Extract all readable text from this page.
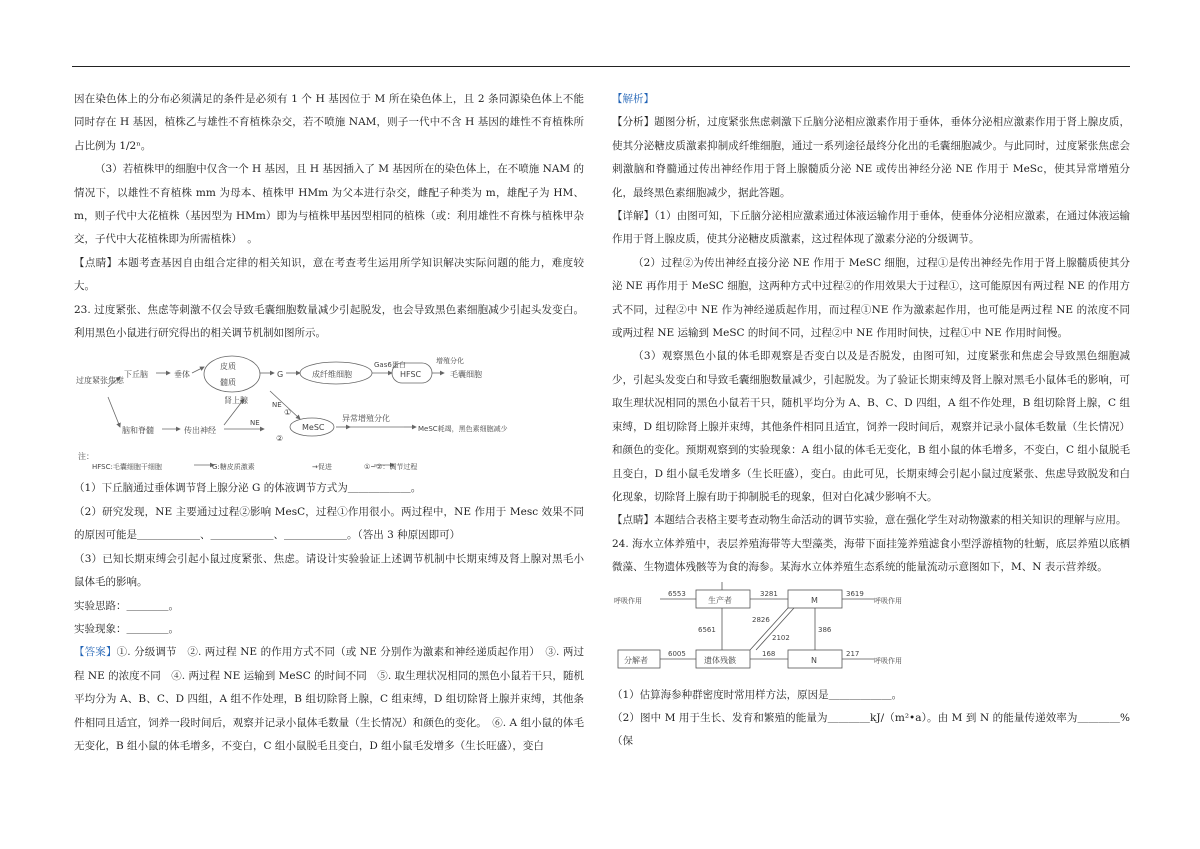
因在染色体上的分布必须满足的条件是必须有 1 个 H 基因位于 M 所在染色体上，且 2 条同源染色体上不能同时存在 H 基因，植株乙与雄性不育植株杂交，若不喷施 NAM，则子一代中不含 H 基因的雄性不育植株所占比例为 1/2ⁿ。

（3）若植株甲的细胞中仅含一个 H 基因，且 H 基因插入了 M 基因所在的染色体上，在不喷施 NAM 的情况下，以雄性不育植株 mm 为母本、植株甲 HMm 为父本进行杂交，雌配子种类为 m，雄配子为 HM、m，则子代中大花植株（基因型为 HMm）即为与植株甲基因型相同的植株（或：利用雄性不育株与植株甲杂交，子代中大花植株即为所需植株）　。

【点睛】本题考查基因自由组合定律的相关知识，意在考查考生运用所学知识解决实际问题的能力，难度较大。

23. 过度紧张、焦虑等刺激不仅会导致毛囊细胞数量减少引起脱发，也会导致黑色素细胞减少引起头发变白。利用黑色小鼠进行研究得出的相关调节机制如图所示。

过度紧张焦虑
下丘脑	垂体
皮质
髓质
肾上腺
G	成纤维细胞
Gas6蛋白
HFSC
增殖分化
毛囊细胞
脑和脊髓	传出神经
NE
NE
①
②
MeSC
异常增殖分化
MeSC耗竭，黑色素细胞减少
注：
HFSC:毛囊细胞干细胞	G:糖皮质激素	→促进	①~②：调节过程

（1）下丘脑通过垂体调节肾上腺分泌 G 的体液调节方式为＿＿＿＿＿＿。

（2）研究发现，NE 主要通过过程②影响 MesC，过程①作用很小。两过程中，NE 作用于 Mesc 效果不同的原因可能是＿＿＿＿＿＿、＿＿＿＿＿＿、＿＿＿＿＿＿。（答出 3 种原因即可）

（3）已知长期束缚会引起小鼠过度紧张、焦虑。请设计实验验证上述调节机制中长期束缚及肾上腺对黑毛小鼠体毛的影响。

实验思路：＿＿＿＿。

实验现象：＿＿＿＿。

【答案】①. 分级调节　②. 两过程 NE 的作用方式不同（或 NE 分别作为激素和神经递质起作用）　③. 两过程 NE 的浓度不同　④. 两过程 NE 运输到 MeSC 的时间不同　⑤. 取生理状况相同的黑色小鼠若干只，随机平均分为 A、B、C、D 四组，A 组不作处理，B 组切除肾上腺，C 组束缚，D 组切除肾上腺并束缚，其他条件相同且适宜，饲养一段时间后，观察并记录小鼠体毛数量（生长情况）和颜色的变化。　⑥. A 组小鼠的体毛无变化，B 组小鼠的体毛增多，不变白，C 组小鼠脱毛且变白，D 组小鼠毛发增多（生长旺盛），变白

【解析】

【分析】题图分析，过度紧张焦虑刺激下丘脑分泌相应激素作用于垂体，垂体分泌相应激素作用于肾上腺皮质，使其分泌糖皮质激素抑制成纤维细胞，通过一系列途径最终分化出的毛囊细胞减少。与此同时，过度紧张焦虑会刺激脑和脊髓通过传出神经作用于肾上腺髓质分泌 NE 或传出神经分泌 NE 作用于 MeSc，使其异常增殖分化，最终黑色素细胞减少，据此答题。

【详解】（1）由图可知，下丘脑分泌相应激素通过体液运输作用于垂体，使垂体分泌相应激素，在通过体液运输作用于肾上腺皮质，使其分泌糖皮质激素，这过程体现了激素分泌的分级调节。

（2）过程②为传出神经直接分泌 NE 作用于 MeSC 细胞，过程①是传出神经先作用于肾上腺髓质使其分泌 NE 再作用于 MeSC 细胞，这两种方式中过程②的作用效果大于过程①，这可能原因有两过程 NE 的作用方式不同，过程②中 NE 作为神经递质起作用，而过程①NE 作为激素起作用，也可能是两过程 NE 的浓度不同或两过程 NE 运输到 MeSC 的时间不同，过程②中 NE 作用时间快，过程①中 NE 作用时间慢。

（3）观察黑色小鼠的体毛即观察是否变白以及是否脱发，由图可知，过度紧张和焦虑会导致黑色细胞减少，引起头发变白和导致毛囊细胞数量减少，引起脱发。为了验证长期束缚及肾上腺对黑毛小鼠体毛的影响，可取生理状况相同的黑色小鼠若干只，随机平均分为 A、B、C、D 四组，A 组不作处理，B 组切除肾上腺，C 组束缚，D 组切除肾上腺并束缚，其他条件相同且适宜，饲养一段时间后，观察并记录小鼠体毛数量（生长情况）和颜色的变化。预期观察到的实验现象：A 组小鼠的体毛无变化，B 组小鼠的体毛增多，不变白，C 组小鼠脱毛且变白，D 组小鼠毛发增多（生长旺盛），变白。由此可见，长期束缚会引起小鼠过度紧张、焦虑导致脱发和白化现象，切除肾上腺有助于抑制脱毛的现象，但对白化减少影响不大。

【点睛】本题结合表格主要考查动物生命活动的调节实验，意在强化学生对动物激素的相关知识的理解与应用。

24. 海水立体养殖中，表层养殖海带等大型藻类，海带下面挂笼养殖滤食小型浮游植物的牡蛎，底层养殖以底栖微藻、生物遗体残骸等为食的海参。某海水立体养殖生态系统的能量流动示意图如下，M、N 表示营养级。

呼吸作用
6553
生产者
3281
M
3619
呼吸作用
6561
2826
2102
386
分解者
6005
遗体残骸
168
N
217
呼吸作用

（1）估算海参种群密度时常用样方法，原因是＿＿＿＿＿＿。

（2）图中 M 用于生长、发育和繁殖的能量为＿＿＿＿kJ/（m²•a）。由 M 到 N 的能量传递效率为＿＿＿＿%（保
